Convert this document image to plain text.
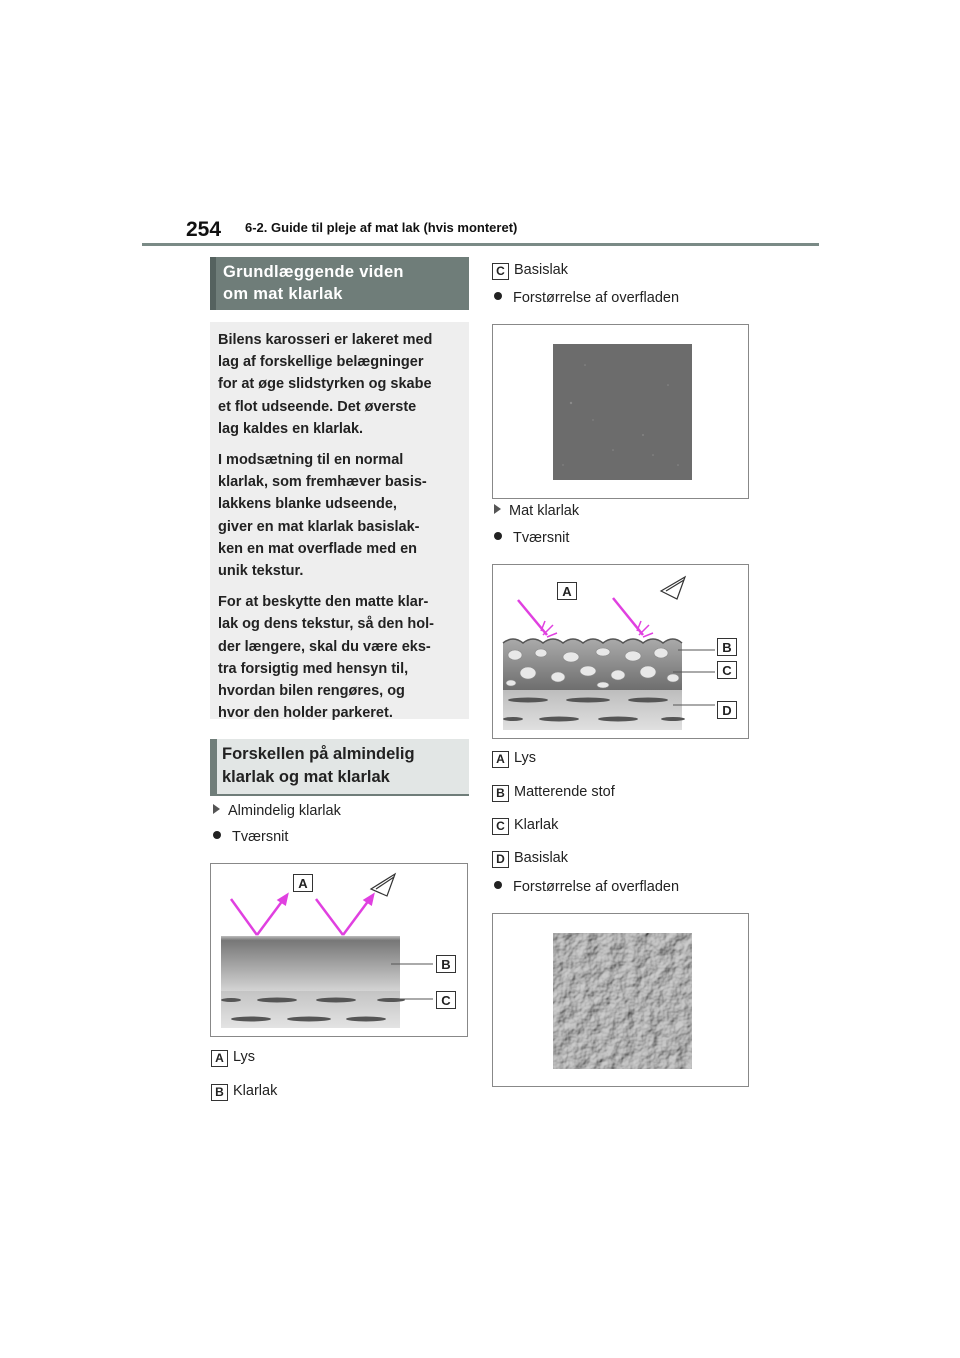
254 6-2. Guide til pleje af mat lak (hvis monteret)
Grundlæggende viden
om mat klarlak

Bilens karosseri er lakeret med
lag af forskellige belægninger
for at øge slidstyrken og skabe
et flot udseende. Det øverste
lag kaldes en klarlak.

I modsætning til en normal
klarlak, som fremhæver basis-
lakkens blanke udseende,
giver en mat klarlak basislak-
ken en mat overflade med en
unik tekstur.

For at beskytte den matte klar-
lak og dens tekstur, så den hol-
der længere, skal du være eks-
tra forsigtig med hensyn til,
hvordan bilen rengøres, og
hvor den holder parkeret.

Forskellen på almindelig
klarlak og mat klarlak
Almindelig klarlak
Tværsnit
A
B
C
A Lys
B Klarlak
C Basislak
Forstørrelse af overfladen
Mat klarlak
Tværsnit
A
B
C
D
A Lys
B Matterende stof
C Klarlak
D Basislak
Forstørrelse af overfladen
